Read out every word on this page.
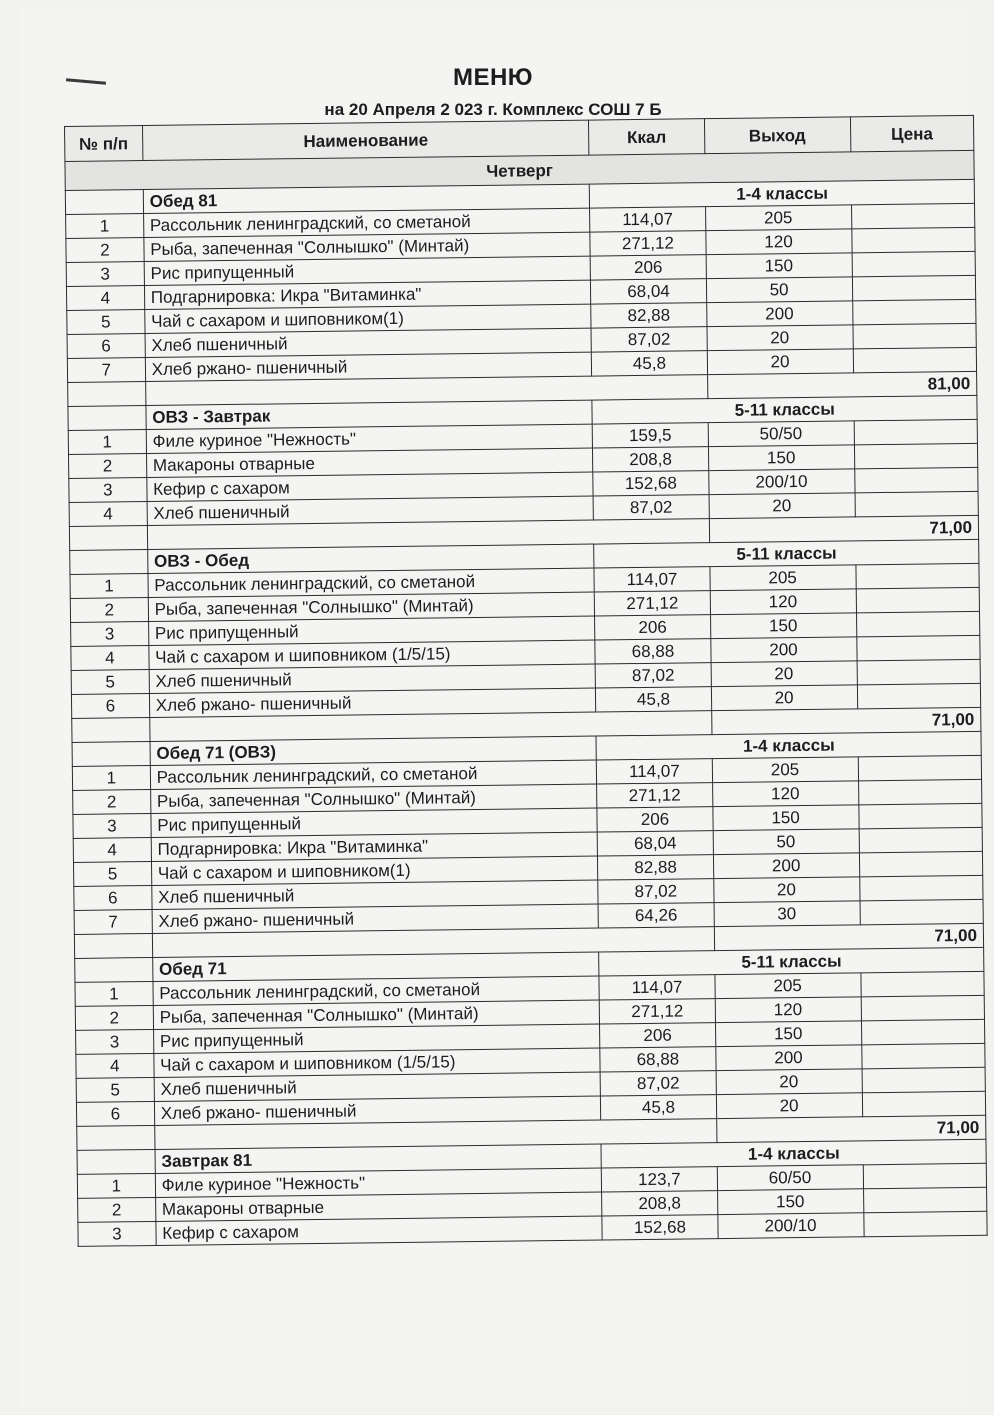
МЕНЮ
на 20 Апреля 2 023 г. Комплекс СОШ 7 Б
№ п/п	Наименование	Ккал	Выход	Цена
Четверг				
	Обед 81	1-4 классы		
1	Рассольник ленинградский, со сметаной	114,07	205	
2	Рыба, запеченная "Солнышко" (Минтай)	271,12	120	
3	Рис припущенный	206	150	
4	Подгарнировка: Икра "Витаминка"	68,04	50	
5	Чай с сахаром и шиповником(1)	82,88	200	
6	Хлеб пшеничный	87,02	20	
7	Хлеб ржано- пшеничный	45,8	20	
			81,00	
	ОВЗ - Завтрак	5-11 классы		
1	Филе куриное "Нежность"	159,5	50/50	
2	Макароны отварные	208,8	150	
3	Кефир с сахаром	152,68	200/10	
4	Хлеб пшеничный	87,02	20	
			71,00	
	ОВЗ - Обед	5-11 классы		
1	Рассольник ленинградский, со сметаной	114,07	205	
2	Рыба, запеченная "Солнышко" (Минтай)	271,12	120	
3	Рис припущенный	206	150	
4	Чай с сахаром и шиповником (1/5/15)	68,88	200	
5	Хлеб пшеничный	87,02	20	
6	Хлеб ржано- пшеничный	45,8	20	
			71,00	
	Обед 71 (ОВЗ)	1-4 классы		
1	Рассольник ленинградский, со сметаной	114,07	205	
2	Рыба, запеченная "Солнышко" (Минтай)	271,12	120	
3	Рис припущенный	206	150	
4	Подгарнировка: Икра "Витаминка"	68,04	50	
5	Чай с сахаром и шиповником(1)	82,88	200	
6	Хлеб пшеничный	87,02	20	
7	Хлеб ржано- пшеничный	64,26	30	
			71,00	
	Обед 71	5-11 классы		
1	Рассольник ленинградский, со сметаной	114,07	205	
2	Рыба, запеченная "Солнышко" (Минтай)	271,12	120	
3	Рис припущенный	206	150	
4	Чай с сахаром и шиповником (1/5/15)	68,88	200	
5	Хлеб пшеничный	87,02	20	
6	Хлеб ржано- пшеничный	45,8	20	
			71,00	
	Завтрак 81	1-4 классы		
1	Филе куриное "Нежность"	123,7	60/50	
2	Макароны отварные	208,8	150	
3	Кефир с сахаром	152,68	200/10	
